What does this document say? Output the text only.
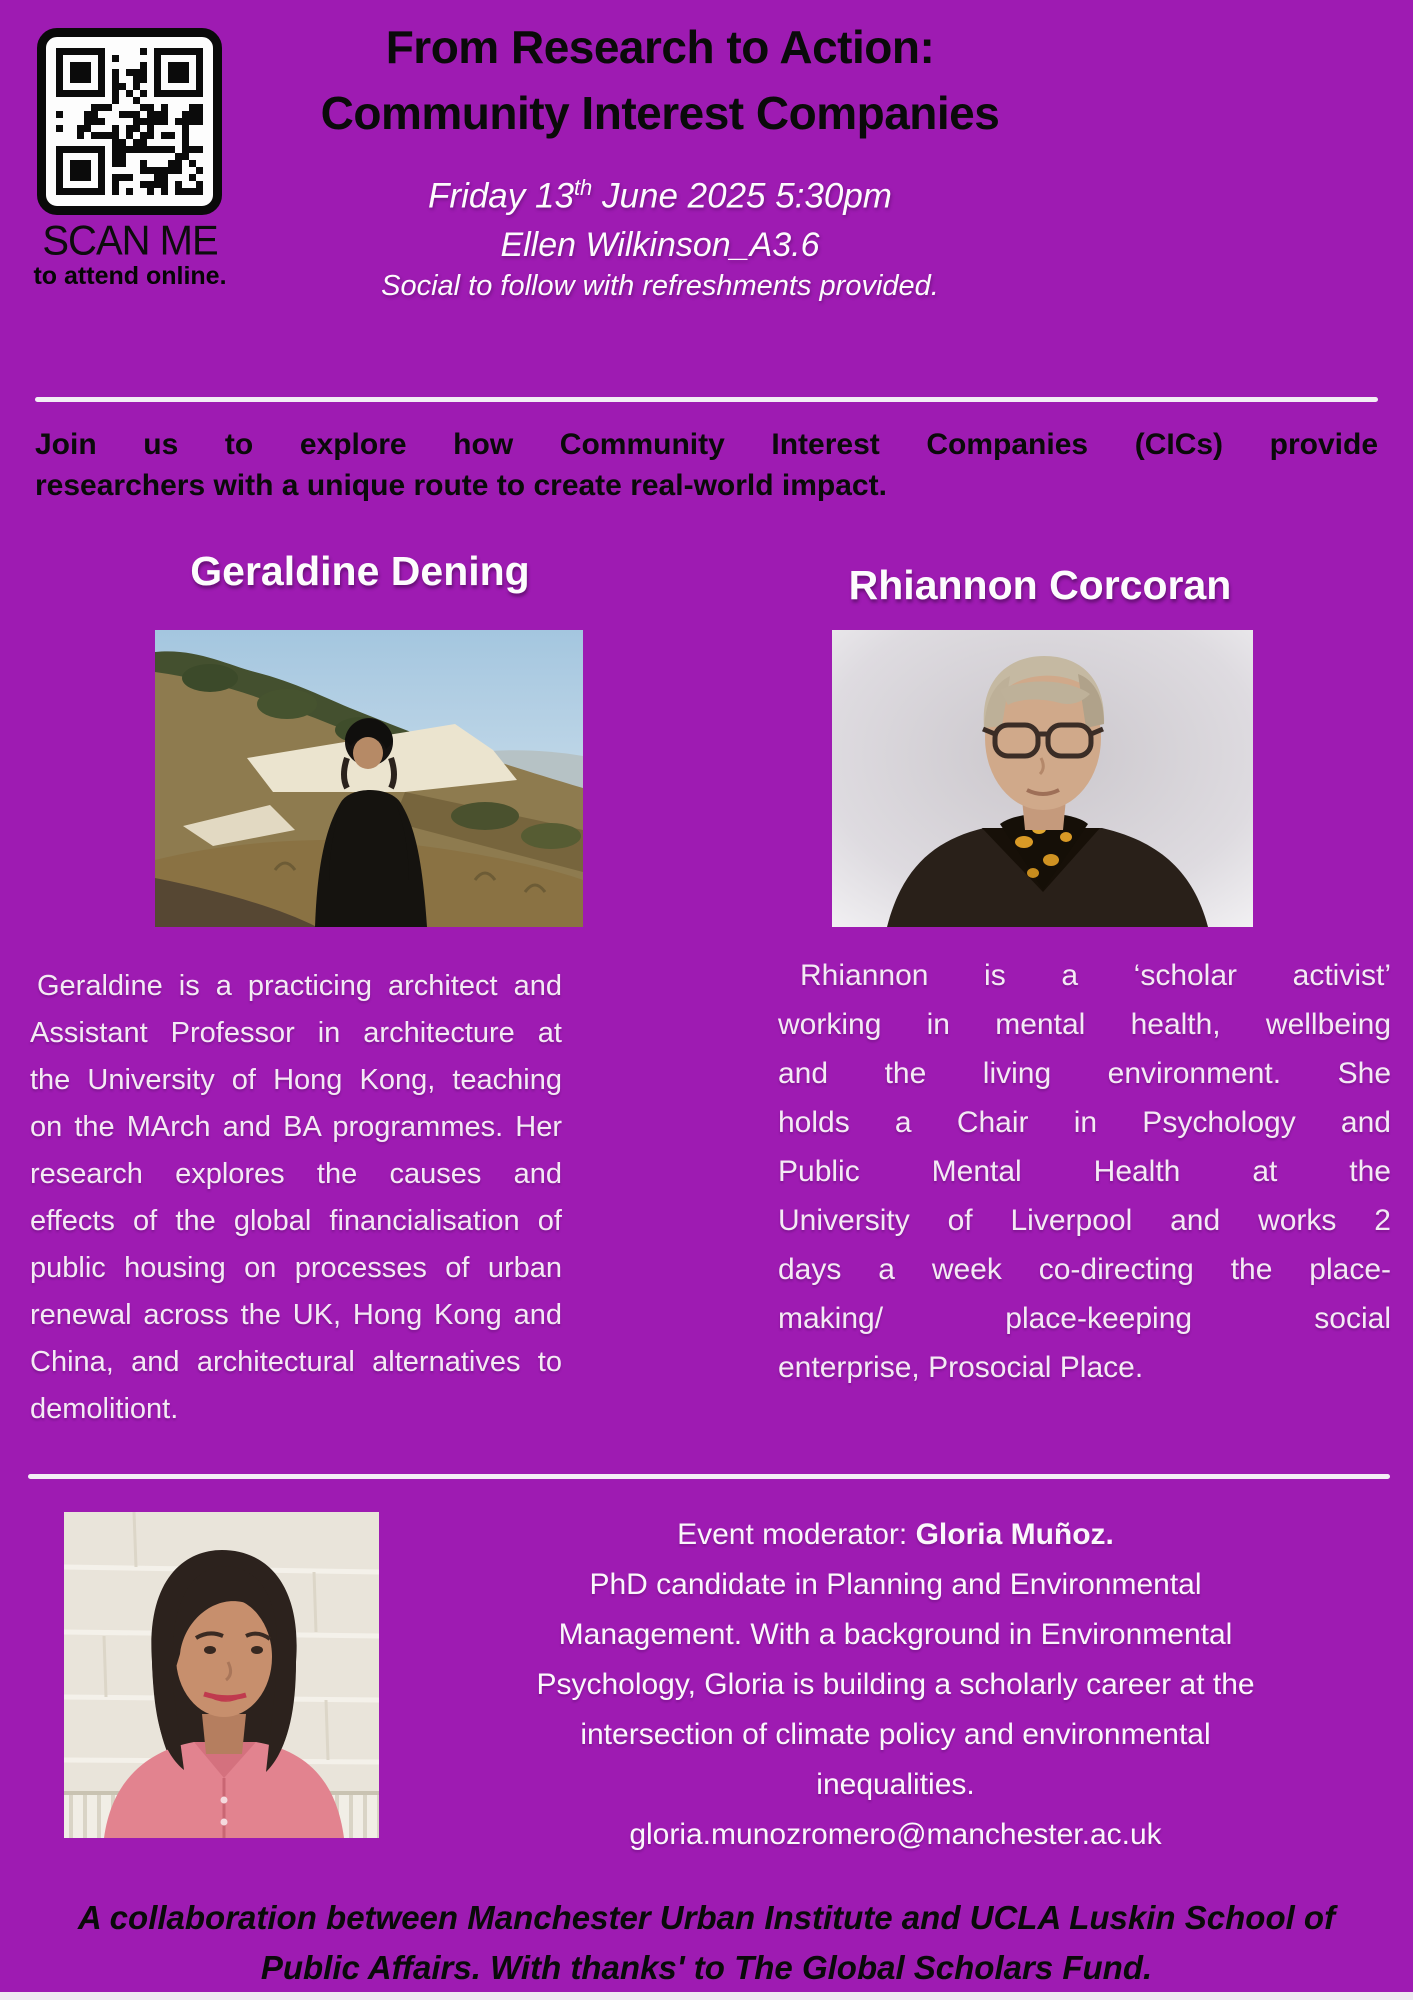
SCAN ME
to attend online.
From Research to Action:
Community Interest Companies
Friday 13th June 2025 5:30pm
Ellen Wilkinson_A3.6
Social to follow with refreshments provided.
Join us to explore how Community Interest Companies (CICs) provide
researchers with a unique route to create real-world impact.
Geraldine Dening	Rhiannon Corcoran
Geraldine is a practicing architect and
Assistant Professor in architecture at
the University of Hong Kong, teaching
on the MArch and BA programmes. Her
research explores the causes and
effects of the global financialisation of
public housing on processes of urban
renewal across the UK, Hong Kong and
China, and architectural alternatives to
demolitiont.
Rhiannon is a ‘scholar activist’
working in mental health, wellbeing
and the living environment. She
holds a Chair in Psychology and
Public Mental Health at the
University of Liverpool and works 2
days a week co-directing the place-
making/ place-keeping social
enterprise, Prosocial Place.
Event moderator: Gloria Muñoz.
PhD candidate in Planning and Environmental
Management. With a background in Environmental
Psychology, Gloria is building a scholarly career at the
intersection of climate policy and environmental
inequalities.
gloria.munozromero@manchester.ac.uk
A collaboration between Manchester Urban Institute and UCLA Luskin School of
Public Affairs. With thanks' to The Global Scholars Fund.
